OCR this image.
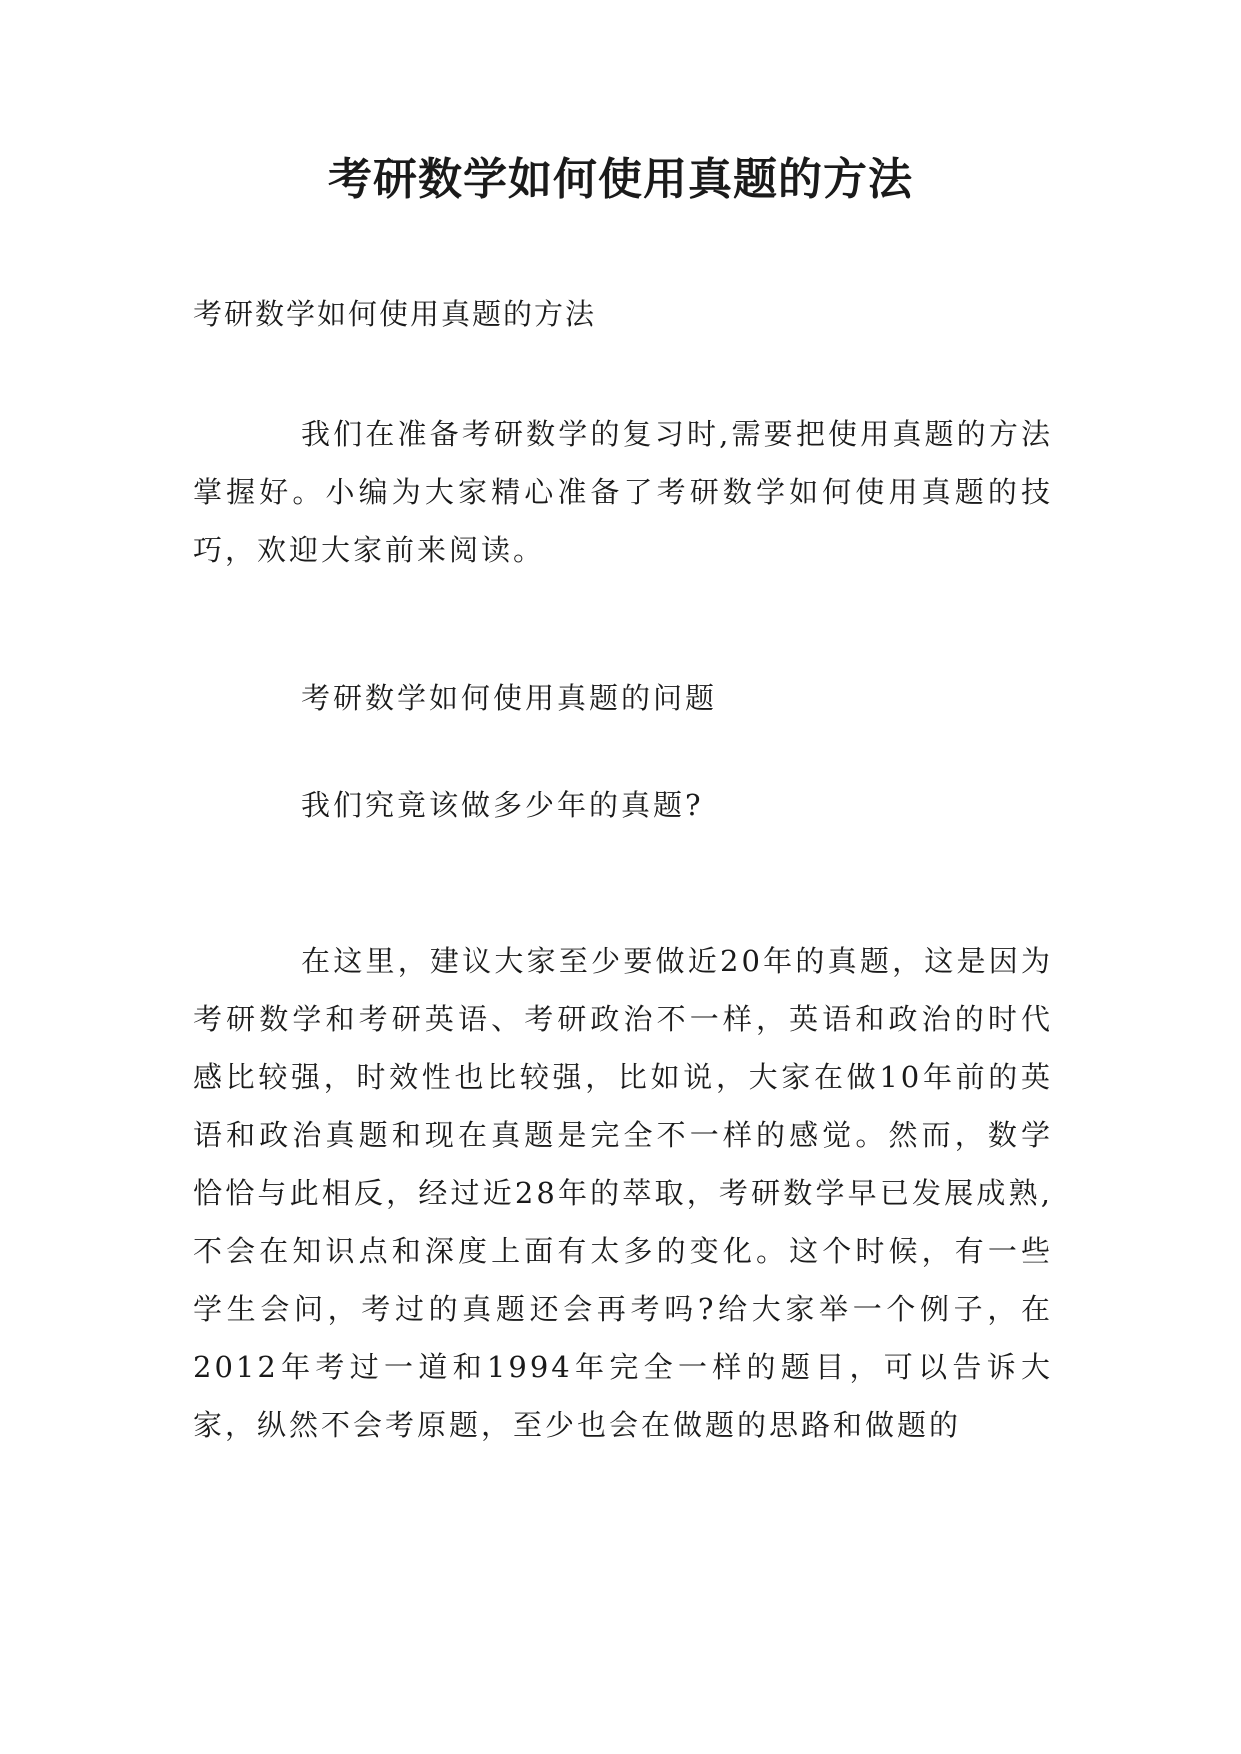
考研数学如何使用真题的方法

考研数学如何使用真题的方法

我们在准备考研数学的复习时,需要把使用真题的方法掌握好。小编为大家精心准备了考研数学如何使用真题的技巧，欢迎大家前来阅读。

考研数学如何使用真题的问题

我们究竟该做多少年的真题?

在这里，建议大家至少要做近20年的真题，这是因为考研数学和考研英语、考研政治不一样，英语和政治的时代感比较强，时效性也比较强，比如说，大家在做10年前的英语和政治真题和现在真题是完全不一样的感觉。然而，数学恰恰与此相反，经过近28年的萃取，考研数学早已发展成熟,不会在知识点和深度上面有太多的变化。这个时候，有一些学生会问，考过的真题还会再考吗?给大家举一个例子，在2012年考过一道和1994年完全一样的题目，可以告诉大家，纵然不会考原题，至少也会在做题的思路和做题的
